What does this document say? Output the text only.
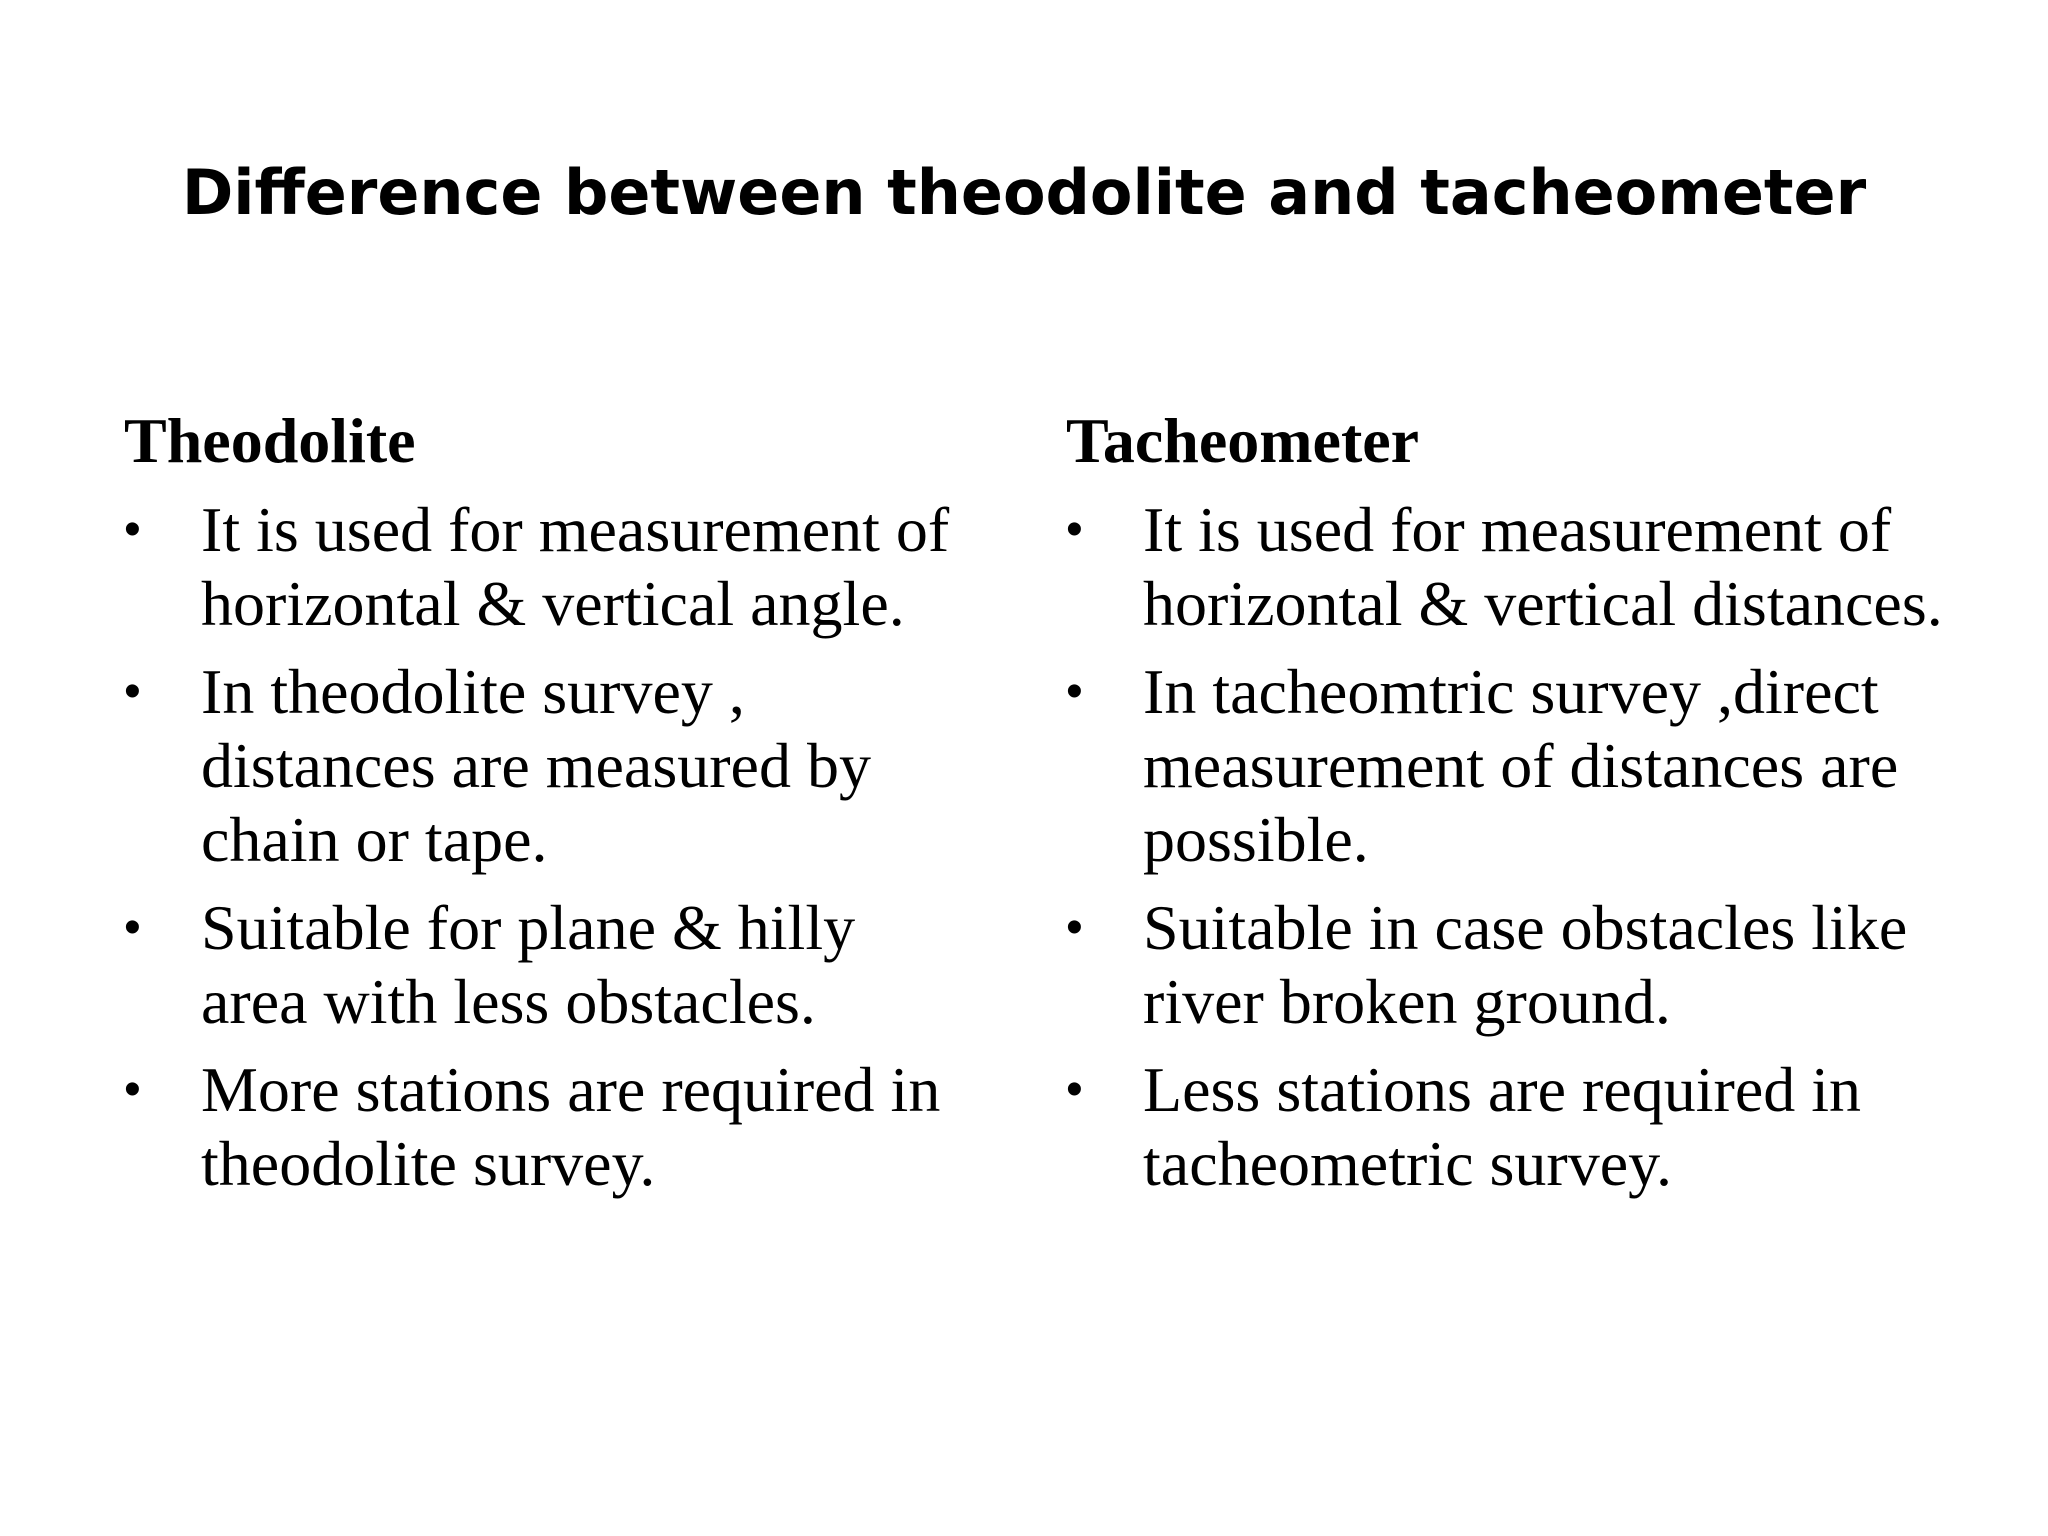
Difference between theodolite and tacheometer
Theodolite
• It is used for measurement of horizontal & vertical angle.
• In theodolite survey , distances are measured by chain or tape.
• Suitable for plane & hilly area with less obstacles.
• More stations are required in theodolite survey.
Tacheometer
• It is used for measurement of horizontal & vertical distances.
• In tacheomtric survey ,direct measurement of distances are possible.
• Suitable in case obstacles like river broken ground.
• Less stations are required in tacheometric survey.
